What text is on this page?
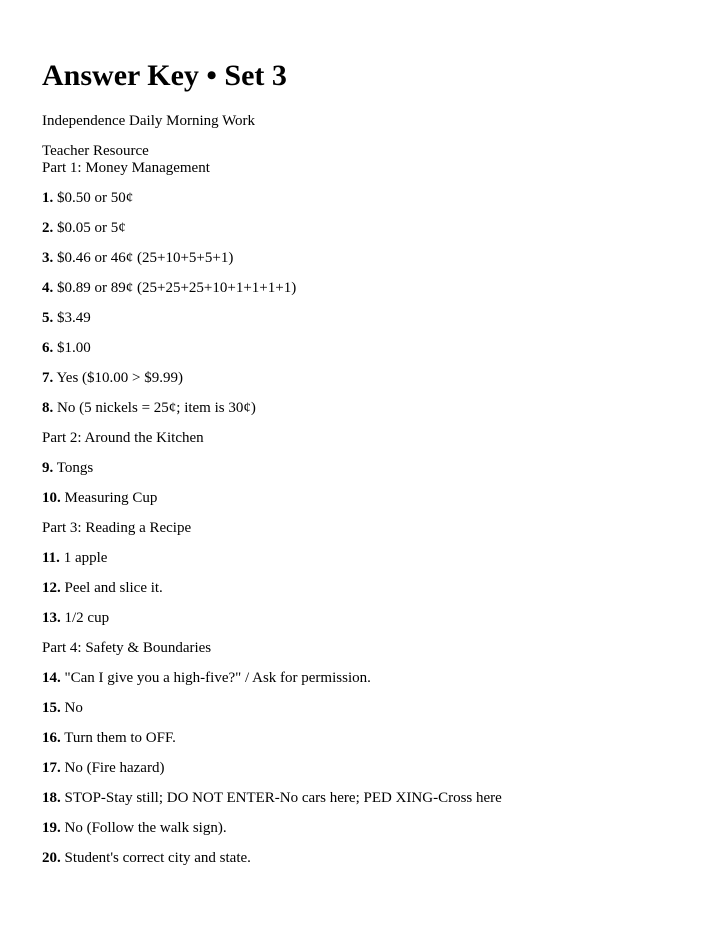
Answer Key • Set 3
Independence Daily Morning Work
Teacher Resource
Part 1: Money Management
1. $0.50 or 50¢
2. $0.05 or 5¢
3. $0.46 or 46¢ (25+10+5+5+1)
4. $0.89 or 89¢ (25+25+25+10+1+1+1+1)
5. $3.49
6. $1.00
7. Yes ($10.00 > $9.99)
8. No (5 nickels = 25¢; item is 30¢)
Part 2: Around the Kitchen
9. Tongs
10. Measuring Cup
Part 3: Reading a Recipe
11. 1 apple
12. Peel and slice it.
13. 1/2 cup
Part 4: Safety & Boundaries
14. "Can I give you a high-five?" / Ask for permission.
15. No
16. Turn them to OFF.
17. No (Fire hazard)
18. STOP-Stay still; DO NOT ENTER-No cars here; PED XING-Cross here
19. No (Follow the walk sign).
20. Student's correct city and state.
